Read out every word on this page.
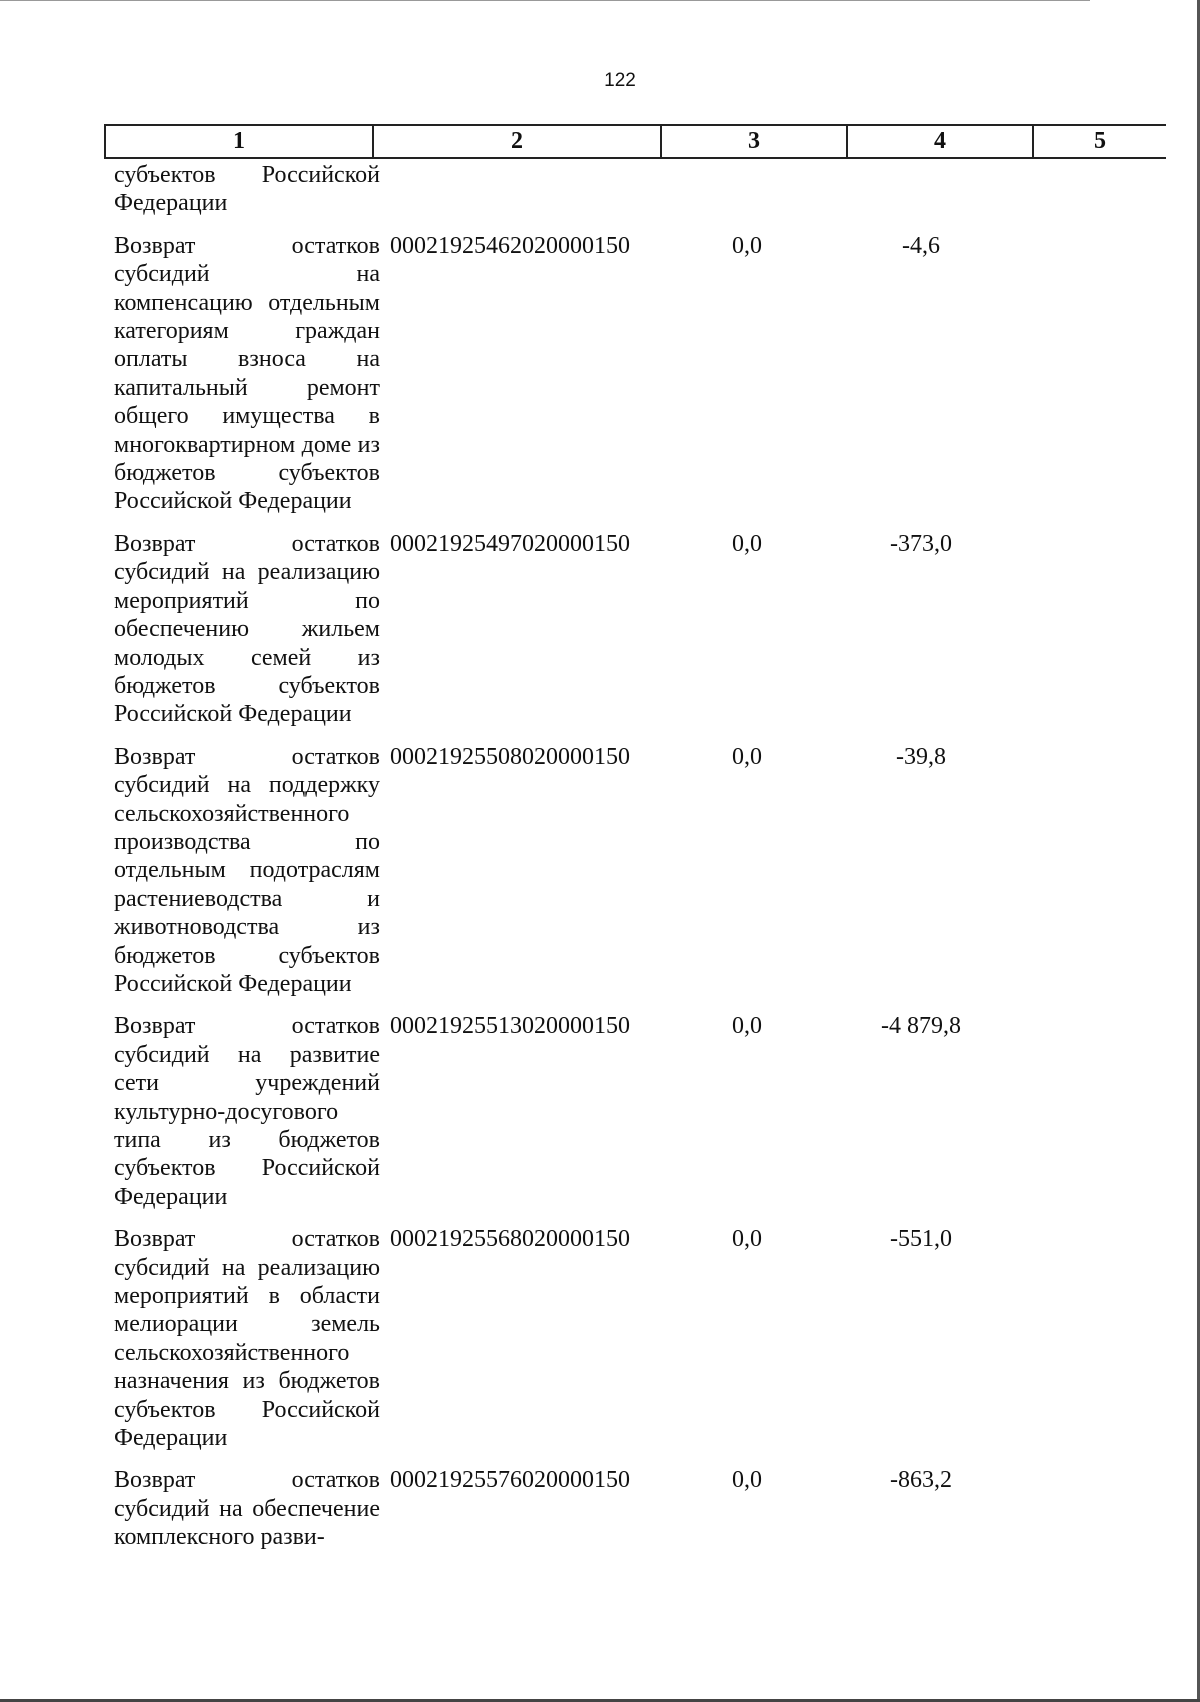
122
1	2	3	4	5
субъектов Российской Федерации
Возврат остатков субсидий на компенсацию отдельным категориям граждан оплаты взноса на капитальный ремонт общего имущества в многоквартирном доме из бюджетов субъектов Российской Федерации
00021925462020000150	0,0	-4,6
Возврат остатков субсидий на реализацию мероприятий по обеспечению жильем молодых семей из бюджетов субъектов Российской Федерации
00021925497020000150	0,0	-373,0
Возврат остатков субсидий на поддержку сельскохозяйственного производства по отдельным подотраслям растениеводства и животноводства из бюджетов субъектов Российской Федерации
00021925508020000150	0,0	-39,8
Возврат остатков субсидий на развитие сети учреждений культурно-досугового типа из бюджетов субъектов Российской Федерации
00021925513020000150	0,0	-4 879,8
Возврат остатков субсидий на реализацию мероприятий в области мелиорации земель сельскохозяйственного назначения из бюджетов субъектов Российской Федерации
00021925568020000150	0,0	-551,0
Возврат остатков субсидий на обеспечение комплексного разви-
00021925576020000150	0,0	-863,2
